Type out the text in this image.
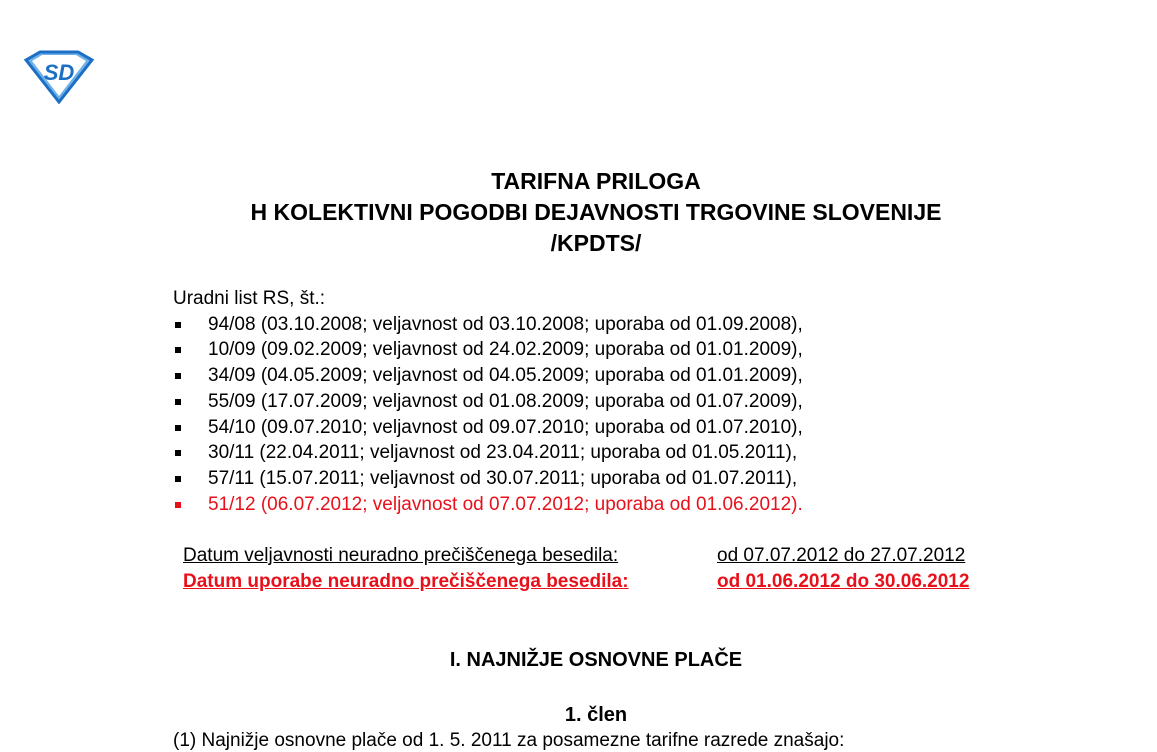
SD
TARIFNA PRILOGA
H KOLEKTIVNI POGODBI DEJAVNOSTI TRGOVINE SLOVENIJE
/KPDTS/
Uradni list RS, št.:
94/08 (03.10.2008; veljavnost od 03.10.2008; uporaba od 01.09.2008),
10/09 (09.02.2009; veljavnost od 24.02.2009; uporaba od 01.01.2009),
34/09 (04.05.2009; veljavnost od 04.05.2009; uporaba od 01.01.2009),
55/09 (17.07.2009; veljavnost od 01.08.2009; uporaba od 01.07.2009),
54/10 (09.07.2010; veljavnost od 09.07.2010; uporaba od 01.07.2010),
30/11 (22.04.2011; veljavnost od 23.04.2011; uporaba od 01.05.2011),
57/11 (15.07.2011; veljavnost od 30.07.2011; uporaba od 01.07.2011),
51/12 (06.07.2012; veljavnost od 07.07.2012; uporaba od 01.06.2012).
Datum veljavnosti neuradno prečiščenega besedila:	od 07.07.2012 do 27.07.2012
Datum uporabe neuradno prečiščenega besedila:	od 01.06.2012 do 30.06.2012
I. NAJNIŽJE OSNOVNE PLAČE
1. člen
(1) Najnižje osnovne plače od 1. 5. 2011 za posamezne tarifne razrede znašajo:
